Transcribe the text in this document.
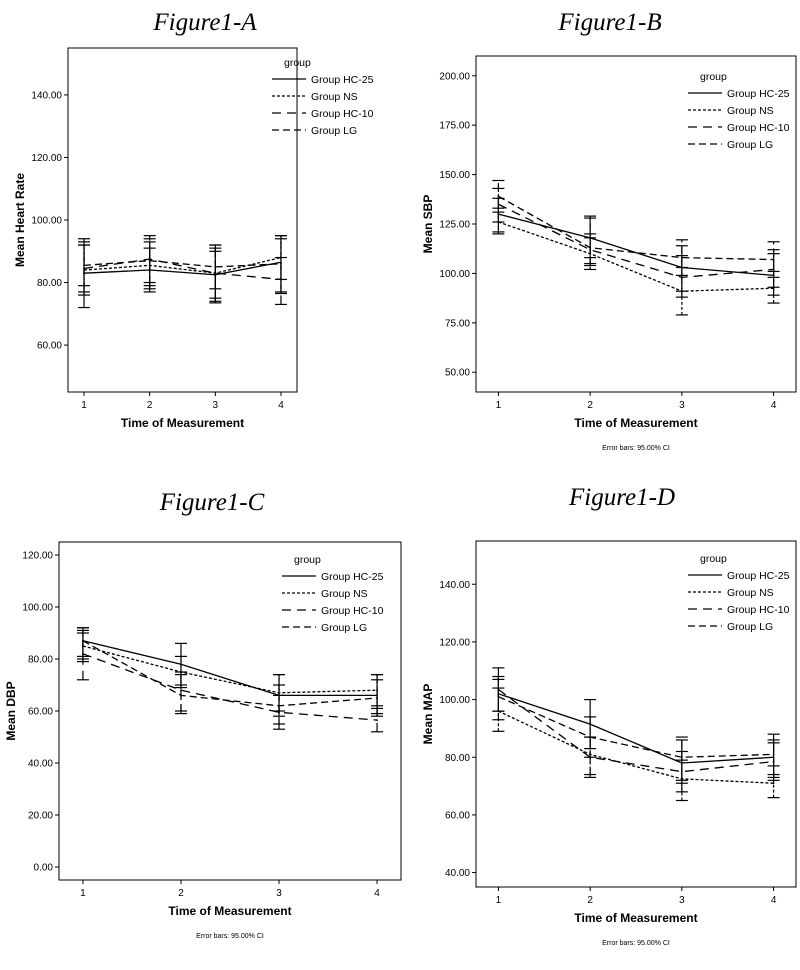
Figure1-A
60.00
80.00
100.00
120.00
140.00
1	2	3	4
Time of Measurement
Mean Heart Rate
group
Group HC-25
Group NS
Group HC-10
Group LG
Figure1-B
50.00
75.00
100.00
125.00
150.00
175.00
200.00
1	2	3	4
Time of Measurement
Mean SBP
Error bars: 95.00% CI
group
Group HC-25
Group NS
Group HC-10
Group LG
Figure1-C
0.00
20.00
40.00
60.00
80.00
100.00
120.00
1	2	3	4
Time of Measurement
Mean DBP
Error bars: 95.00% CI
group
Group HC-25
Group NS
Group HC-10
Group LG
Figure1-D
40.00
60.00
80.00
100.00
120.00
140.00
1	2	3	4
Time of Measurement
Mean MAP
Error bars: 95.00% CI
group
Group HC-25
Group NS
Group HC-10
Group LG
